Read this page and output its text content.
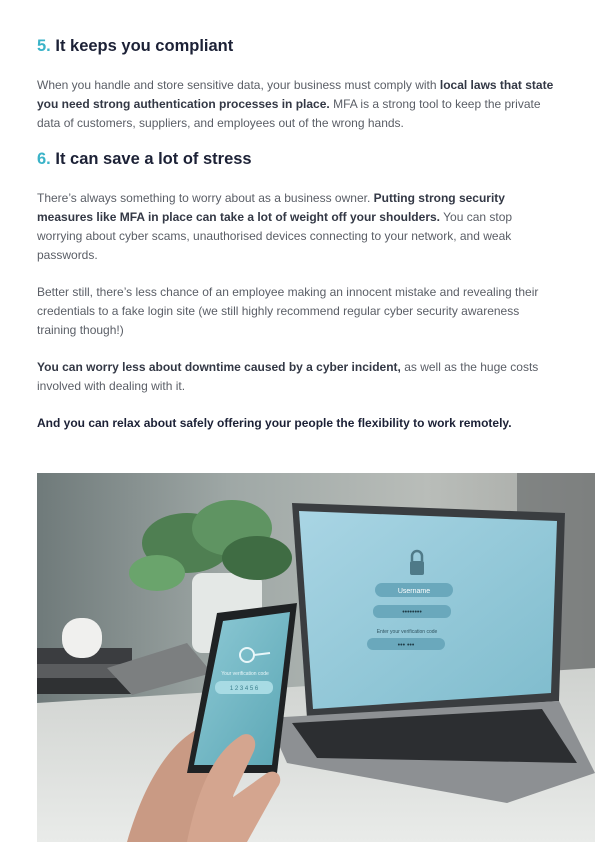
5. It keeps you compliant

When you handle and store sensitive data, your business must comply with local laws that state you need strong authentication processes in place. MFA is a strong tool to keep the private data of customers, suppliers, and employees out of the wrong hands.

6. It can save a lot of stress

There’s always something to worry about as a business owner. Putting strong security measures like MFA in place can take a lot of weight off your shoulders. You can stop worrying about cyber scams, unauthorised devices connecting to your network, and weak passwords.

Better still, there’s less chance of an employee making an innocent mistake and revealing their credentials to a fake login site (we still highly recommend regular cyber security awareness training though!)

You can worry less about downtime caused by a cyber incident, as well as the huge costs involved with dealing with it.

And you can relax about safely offering your people the flexibility to work remotely.

Username
••••••••
Enter your verification code
••• •••
Your verification code
1 2 3 4 5 6
